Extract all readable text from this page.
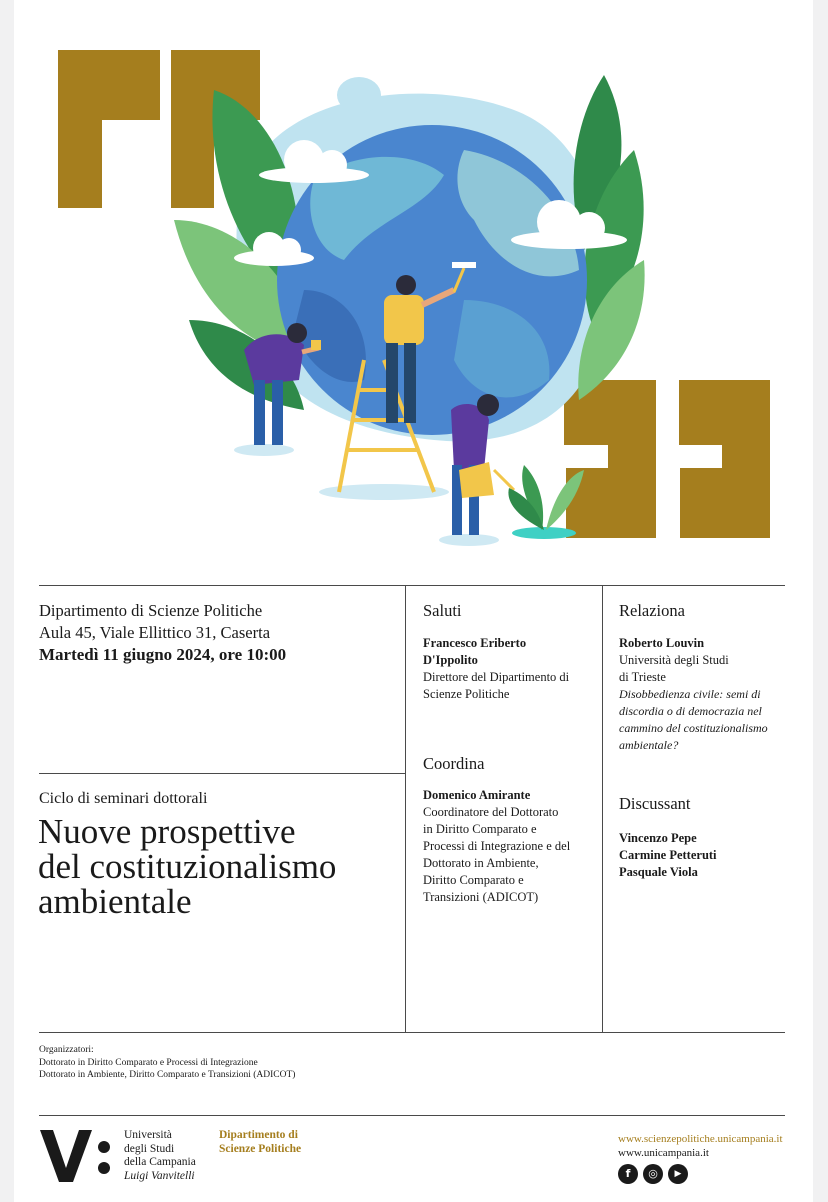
Dipartimento di Scienze Politiche
Aula 45, Viale Ellittico 31, Caserta
Martedì 11 giugno 2024, ore 10:00
Ciclo di seminari dottorali
Nuove prospettive
del costituzionalismo
ambientale
Saluti
Francesco Eriberto
D'Ippolito
Direttore del Dipartimento di
Scienze Politiche
Coordina
Domenico Amirante
Coordinatore del Dottorato
in Diritto Comparato e
Processi di Integrazione e del
Dottorato in Ambiente,
Diritto Comparato e
Transizioni (ADICOT)
Relaziona
Roberto Louvin
Università degli Studi
di Trieste
Disobbedienza civile: semi di
discordia o di democrazia nel
cammino del costituzionalismo
ambientale?
Discussant
Vincenzo Pepe
Carmine Petteruti
Pasquale Viola
Organizzatori:
Dottorato in Diritto Comparato e Processi di Integrazione
Dottorato in Ambiente, Diritto Comparato e Transizioni (ADICOT)
Università
degli Studi
della Campania
Luigi Vanvitelli
Dipartimento di
Scienze Politiche
www.scienzepolitiche.unicampania.it
www.unicampania.it
f	◎	▶
